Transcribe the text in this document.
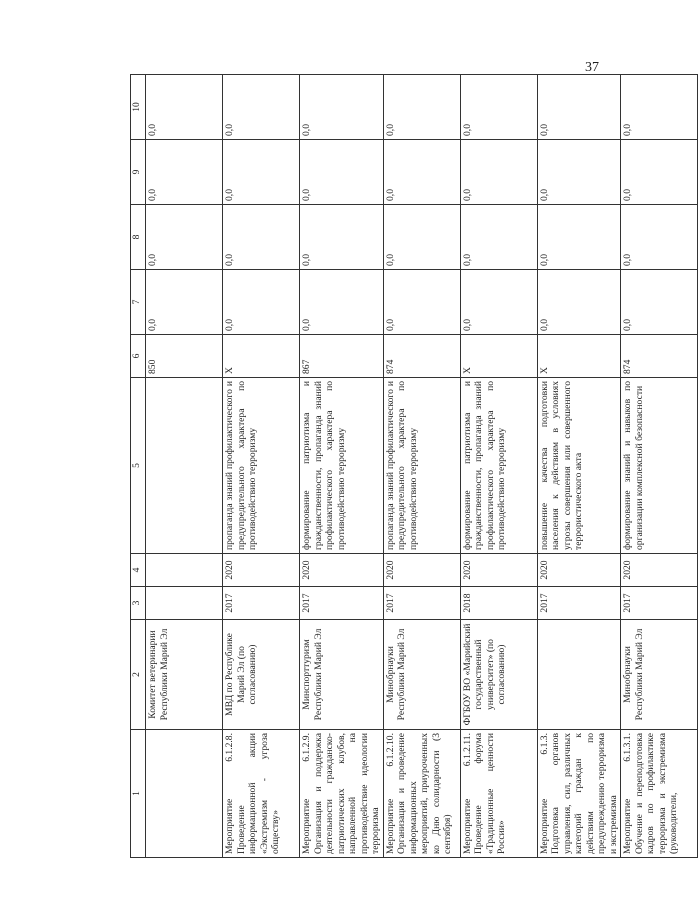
37
1	2	3	4	5	6	7	8	9	10
	Комитет ветеринарии Республики Марий Эл				850	0,0	0,0	0,0	0,0
Мероприятие 6.1.2.8. Проведение информационной акции «Экстремизм - угроза обществу»	МВД по Республике Марий Эл (по согласованию)	2017	2020	пропаганда знаний профилактического и предупредительного характера по противодействию терроризму	X	0,0	0,0	0,0	0,0
Мероприятие 6.1.2.9. Организация и поддержка деятельности гражданско-патриотических клубов, направленной на противодействие идеологии терроризма	Минспорттуризм Республики Марий Эл	2017	2020	формирование патриотизма и гражданственности, пропаганда знаний профилактического характера по противодействию терроризму	867	0,0	0,0	0,0	0,0
Мероприятие 6.1.2.10. Организация и проведение информационных мероприятий, приуроченных ко Дню солидарности (3 сентября)	Минобрнауки Республики Марий Эл	2017	2020	пропаганда знаний профилактического и предупредительного характера по противодействию терроризму	874	0,0	0,0	0,0	0,0
Мероприятие 6.1.2.11. Проведение форума «Традиционные ценности России»	ФГБОУ ВО «Марийский государственный университет» (по согласованию)	2018	2020	формирование патриотизма и гражданственности, пропаганда знаний профилактического характера по противодействию терроризму	X	0,0	0,0	0,0	0,0
Мероприятие 6.1.3. Подготовка органов управления, сил, различных категорий граждан к действиям по предупреждению терроризма и экстремизма		2017	2020	повышение качества подготовки населения к действиям в условиях угрозы совершения или совершенного террористического акта	X	0,0	0,0	0,0	0,0
Мероприятие 6.1.3.1. Обучение и переподготовка кадров по профилактике терроризма и экстремизма (руководители,	Минобрнауки Республики Марий Эл	2017	2020	формирование знаний и навыков по организации комплексной безопасности	874	0,0	0,0	0,0	0,0
